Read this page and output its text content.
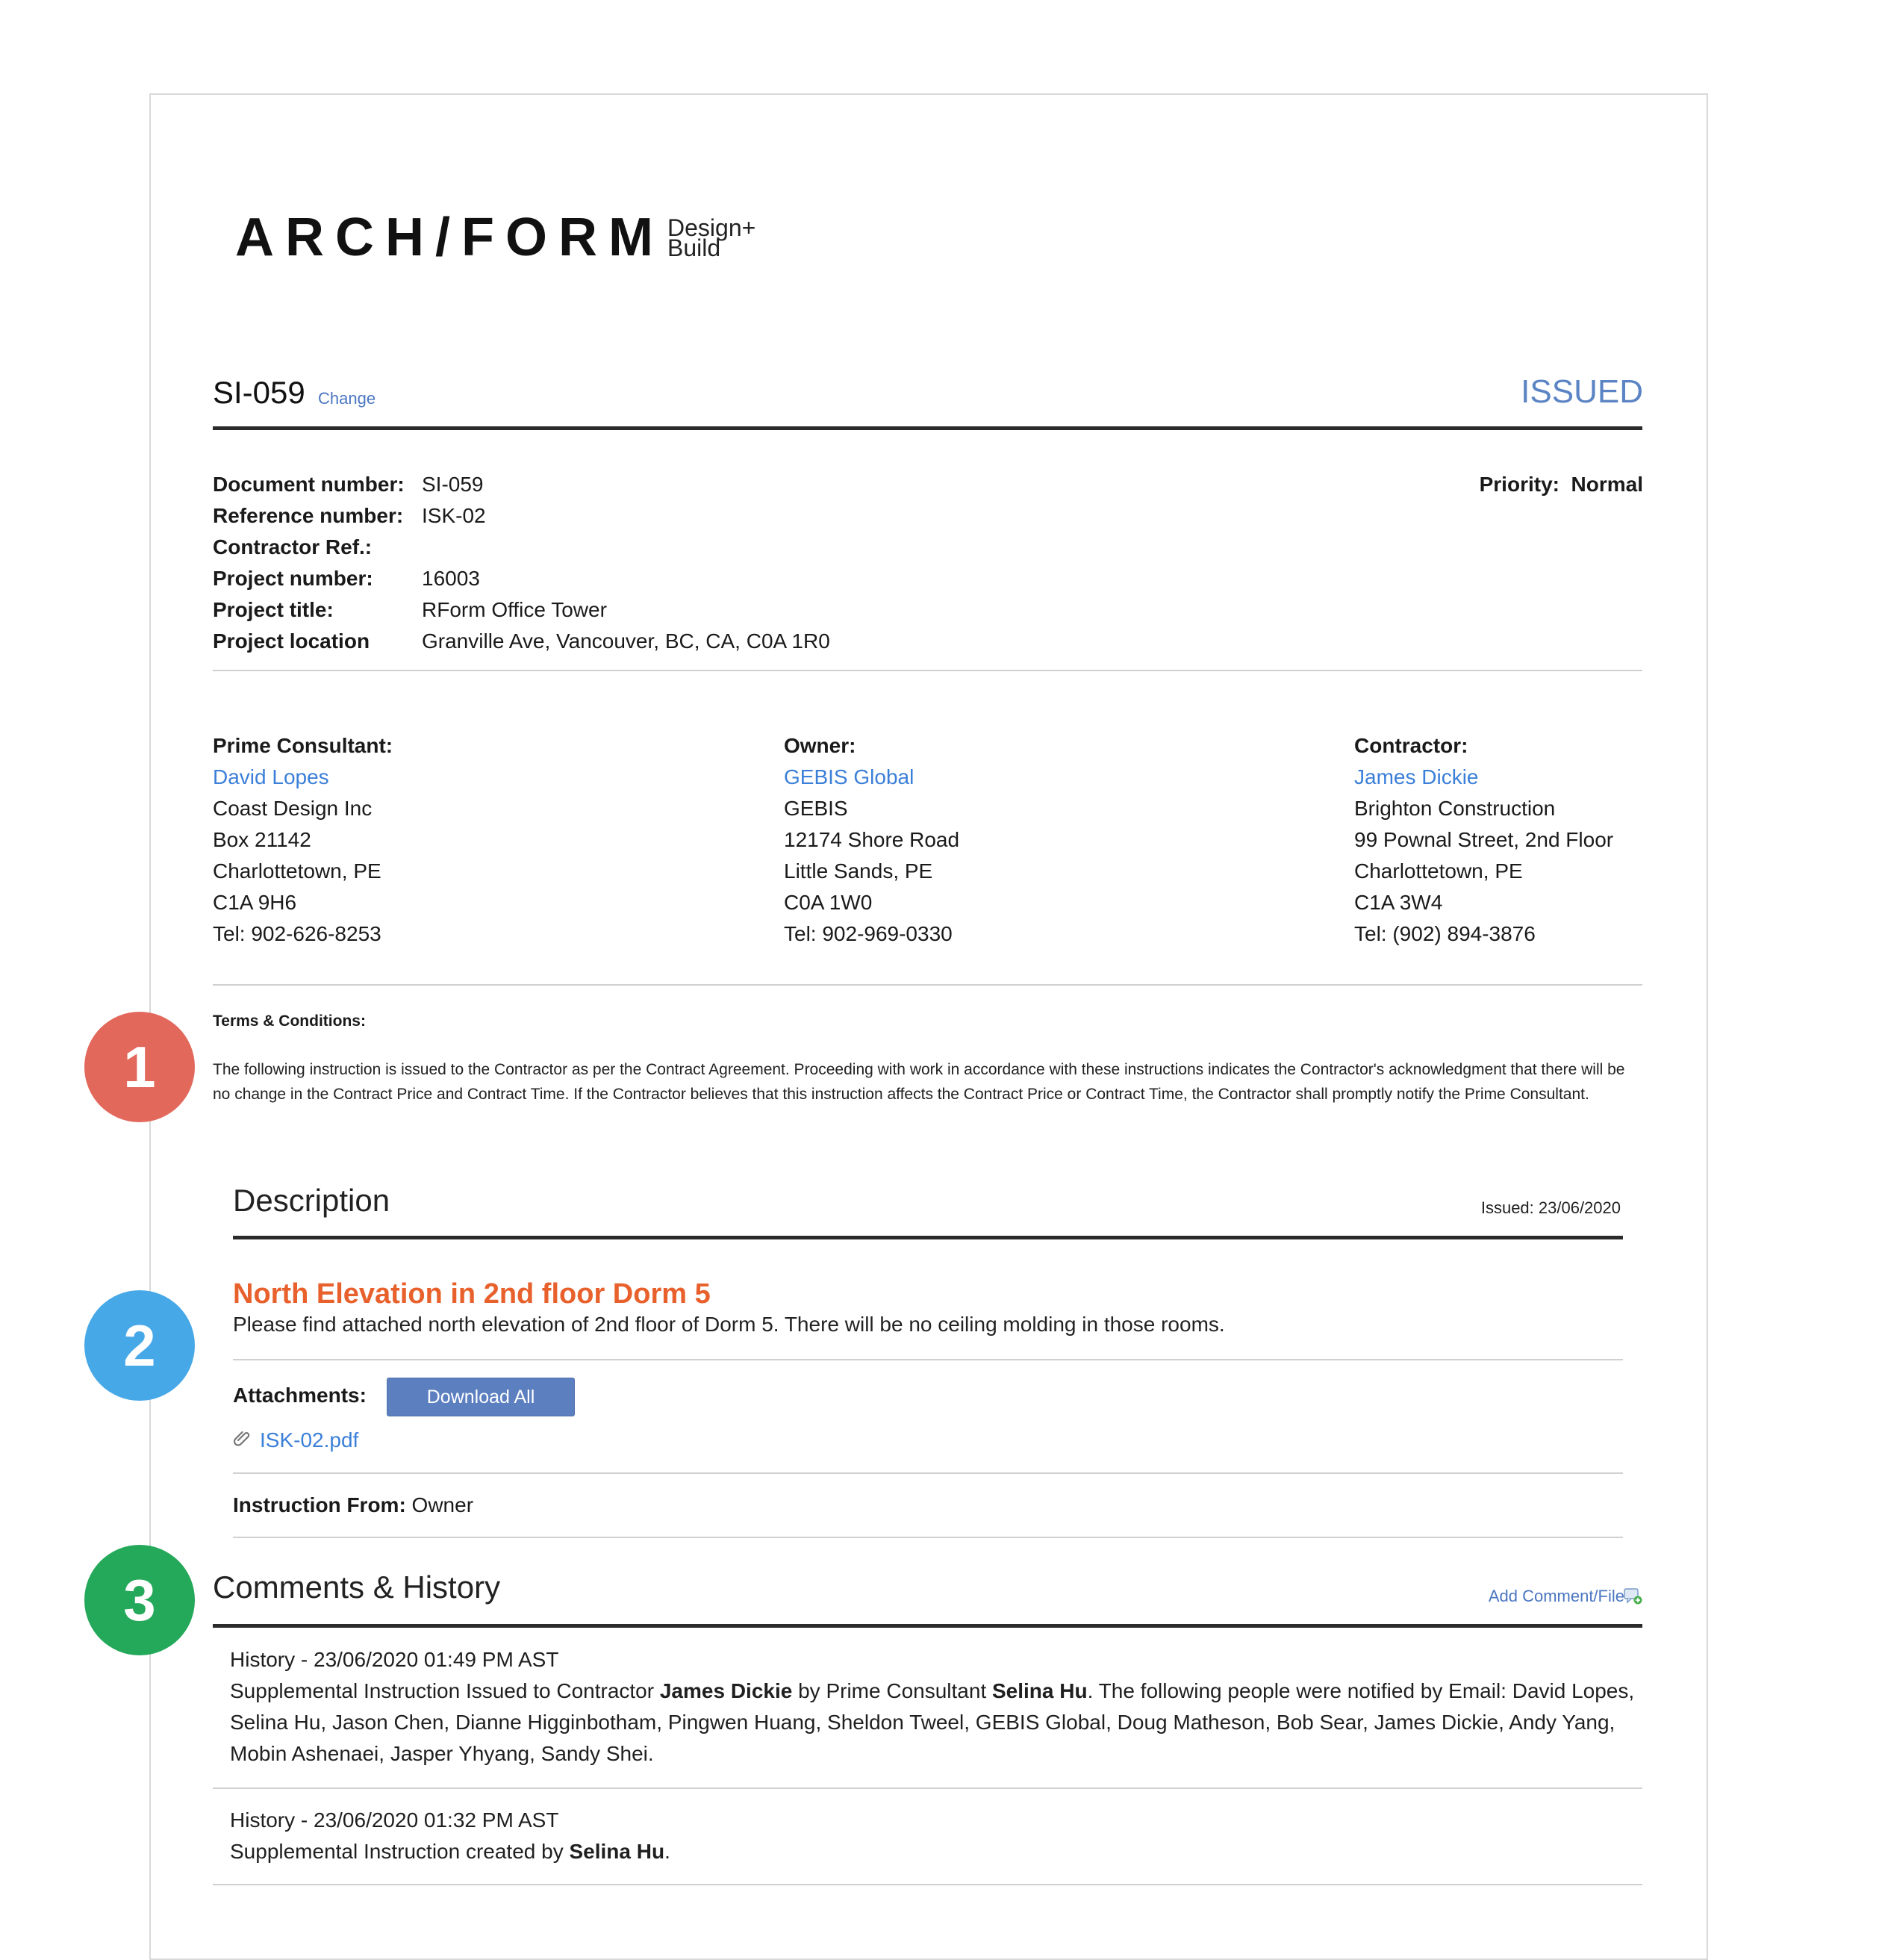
ARCH/FORM Design+
Build
SI-059 Change	ISSUED
Document number: SI-059
Reference number: ISK-02
Contractor Ref.:
Project number:	16003
Project title:	RForm Office Tower
Project location	Granville Ave, Vancouver, BC, CA, C0A 1R0
Priority: Normal
Prime Consultant:
David Lopes
Coast Design Inc
Box 21142
Charlottetown, PE
C1A 9H6
Tel: 902-626-8253
Owner:
GEBIS Global
GEBIS
12174 Shore Road
Little Sands, PE
C0A 1W0
Tel: 902-969-0330
Contractor:
James Dickie
Brighton Construction
99 Pownal Street, 2nd Floor
Charlottetown, PE
C1A 3W4
Tel: (902) 894-3876
Terms & Conditions:
The following instruction is issued to the Contractor as per the Contract Agreement. Proceeding with work in accordance with these instructions indicates the Contractor's acknowledgment that there will be no change in the Contract Price and Contract Time. If the Contractor believes that this instruction affects the Contract Price or Contract Time, the Contractor shall promptly notify the Prime Consultant.
Description	Issued: 23/06/2020
North Elevation in 2nd floor Dorm 5
Please find attached north elevation of 2nd floor of Dorm 5. There will be no ceiling molding in those rooms.
Attachments:	Download All
ISK-02.pdf
Instruction From: Owner
Comments & History	Add Comment/File
History - 23/06/2020 01:49 PM AST
Supplemental Instruction Issued to Contractor James Dickie by Prime Consultant Selina Hu. The following people were notified by Email: David Lopes, Selina Hu, Jason Chen, Dianne Higginbotham, Pingwen Huang, Sheldon Tweel, GEBIS Global, Doug Matheson, Bob Sear, James Dickie, Andy Yang, Mobin Ashenaei, Jasper Yhyang, Sandy Shei.
History - 23/06/2020 01:32 PM AST
Supplemental Instruction created by Selina Hu.
1
2
3
